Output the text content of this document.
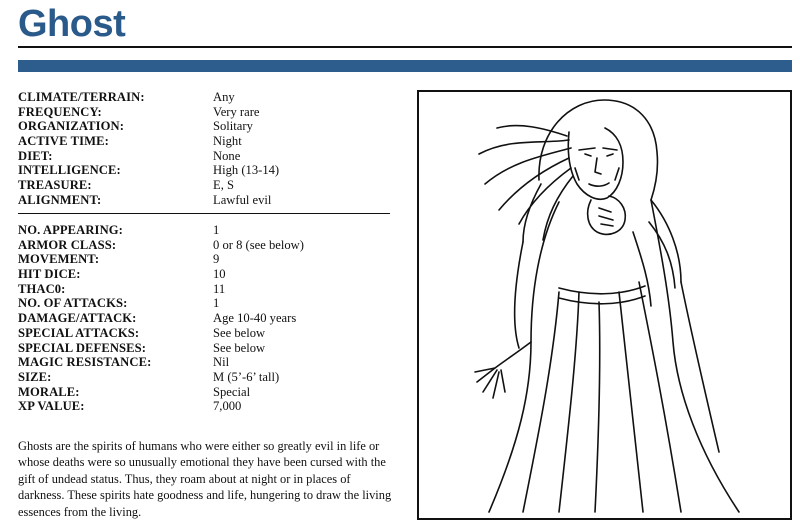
Ghost
CLIMATE/TERRAIN:	Any
FREQUENCY:	Very rare
ORGANIZATION:	Solitary
ACTIVE TIME:	Night
DIET:	None
INTELLIGENCE:	High (13-14)
TREASURE:	E, S
ALIGNMENT:	Lawful evil
NO. APPEARING:	1
ARMOR CLASS:	0 or 8 (see below)
MOVEMENT:	9
HIT DICE:	10
THAC0:	11
NO. OF ATTACKS:	1
DAMAGE/ATTACK:	Age 10-40 years
SPECIAL ATTACKS:	See below
SPECIAL DEFENSES:	See below
MAGIC RESISTANCE:	Nil
SIZE:	M (5’-6’ tall)
MORALE:	Special
XP VALUE:	7,000

Ghosts are the spirits of humans who were either so greatly evil in life or whose deaths were so unusually emotional they have been cursed with the gift of undead status. Thus, they roam about at night or in places of darkness. These spirits hate goodness and life, hungering to draw the living essences from the living.
